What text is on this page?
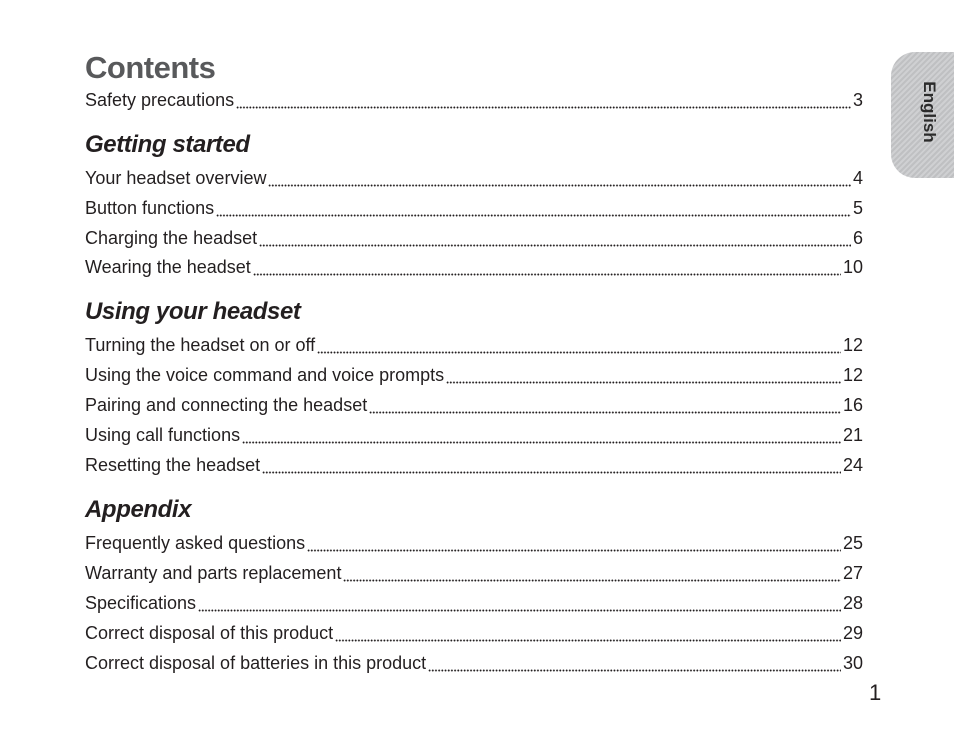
Contents
English
Safety precautions	3
Getting started
Your headset overview	4
Button functions	5
Charging the headset	6
Wearing the headset	10
Using your headset
Turning the headset on or off	12
Using the voice command and voice prompts	12
Pairing and connecting the headset	16
Using call functions	21
Resetting the headset	24
Appendix
Frequently asked questions	25
Warranty and parts replacement	27
Specifications	28
Correct disposal of this product	29
Correct disposal of batteries in this product	30
1
